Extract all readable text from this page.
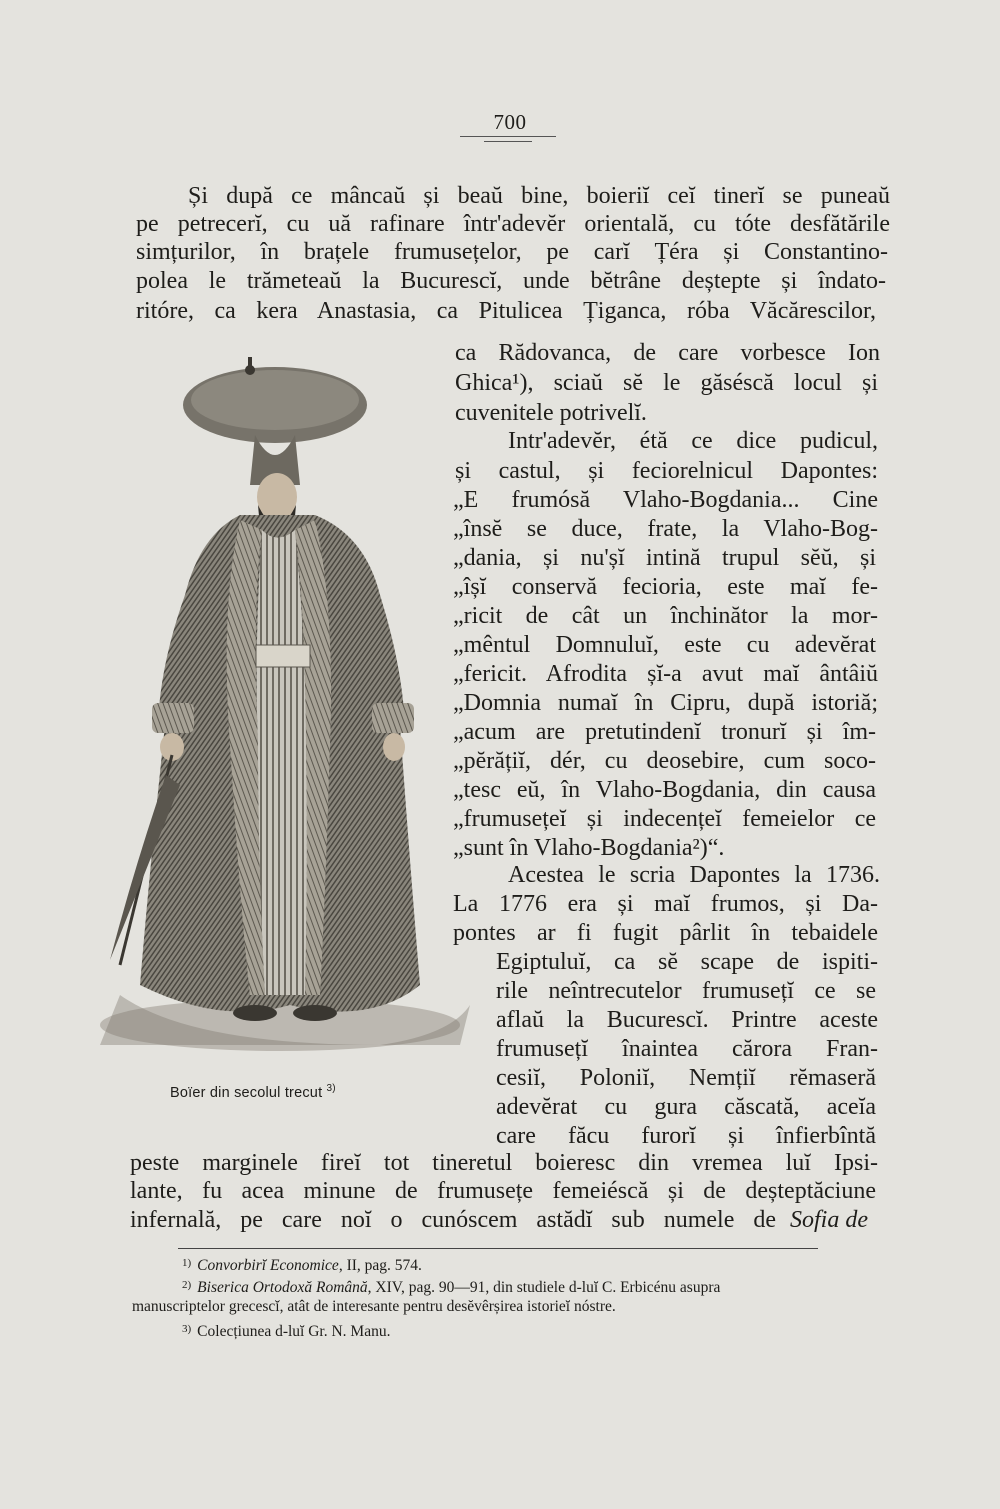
700

Și după ce mâncaŭ și beaŭ bine, boieriĭ ceĭ tinerĭ se puneaŭ

pe petrecerĭ, cu uă rafinare într'adevĕr orientală, cu tóte desfătările

simțurilor, în brațele frumusețelor, pe carĭ Țéra și Constantino-

polea le trămeteaŭ la Bucurescĭ, unde bĕtrâne deștepte și îndato-

ritóre, ca kera Anastasia, ca Pitulicea Țiganca, róba Văcărescilor,

ca Rădovanca, de care vorbesce Ion

Ghica¹), sciaŭ sĕ le găséscă locul și

cuvenitele potrivelĭ.

Intr'adevĕr, étă ce dice pudicul,

și castul, și feciorelnicul Dapontes:

„E frumósă Vlaho-Bogdania... Cine

„însĕ se duce, frate, la Vlaho-Bog-

„dania, și nu'șĭ intină trupul sĕŭ, și

„îșĭ conservă fecioria, este maĭ fe-

„ricit de cât un închinător la mor-

„mêntul Domnuluĭ, este cu adevĕrat

„fericit. Afrodita șĭ-a avut maĭ ântâiŭ

„Domnia numaĭ în Cipru, după istoriă;

„acum are pretutindenĭ tronurĭ și îm-

„pĕrățiĭ, dér, cu deosebire, cum soco-

„tesc eŭ, în Vlaho-Bogdania, din causa

„frumusețeĭ și indecențeĭ femeielor ce

„sunt în Vlaho-Bogdania²)“.

Acestea le scria Dapontes la 1736.

La 1776 era și maĭ frumos, și Da-

pontes ar fi fugit pârlit în tebaidele

Egiptuluĭ, ca sĕ scape de ispiti-

rile neîntrecutelor frumusețĭ ce se

aflaŭ la Bucurescĭ. Printre aceste

frumusețĭ înaintea cărora Fran-

cesiĭ, Poloniĭ, Nemțiĭ rĕmaseră

adevĕrat cu gura căscată, aceĭa

care făcu furorĭ și înfierbîntă

peste marginele fireĭ tot tineretul boieresc din vremea luĭ Ipsi-

lante, fu acea minune de frumusețe femeiéscă și de deșteptăciune

infernală, pe care noĭ o cunóscem astădĭ sub numele de Sofia de

Boïer din secolul trecut $^{3)}$

$^{1)}$ Convorbirĭ Economice, II, pag. 574.

$^{2)}$ Biserica Ortodoxă Română, XIV, pag. 90—91, din studiele d-luĭ C. Erbicénu asupra

manuscriptelor grecescĭ, atât de interesante pentru desĕvêrșirea istorieĭ nóstre.

$^{3)}$ Colecțiunea d-luĭ Gr. N. Manu.
